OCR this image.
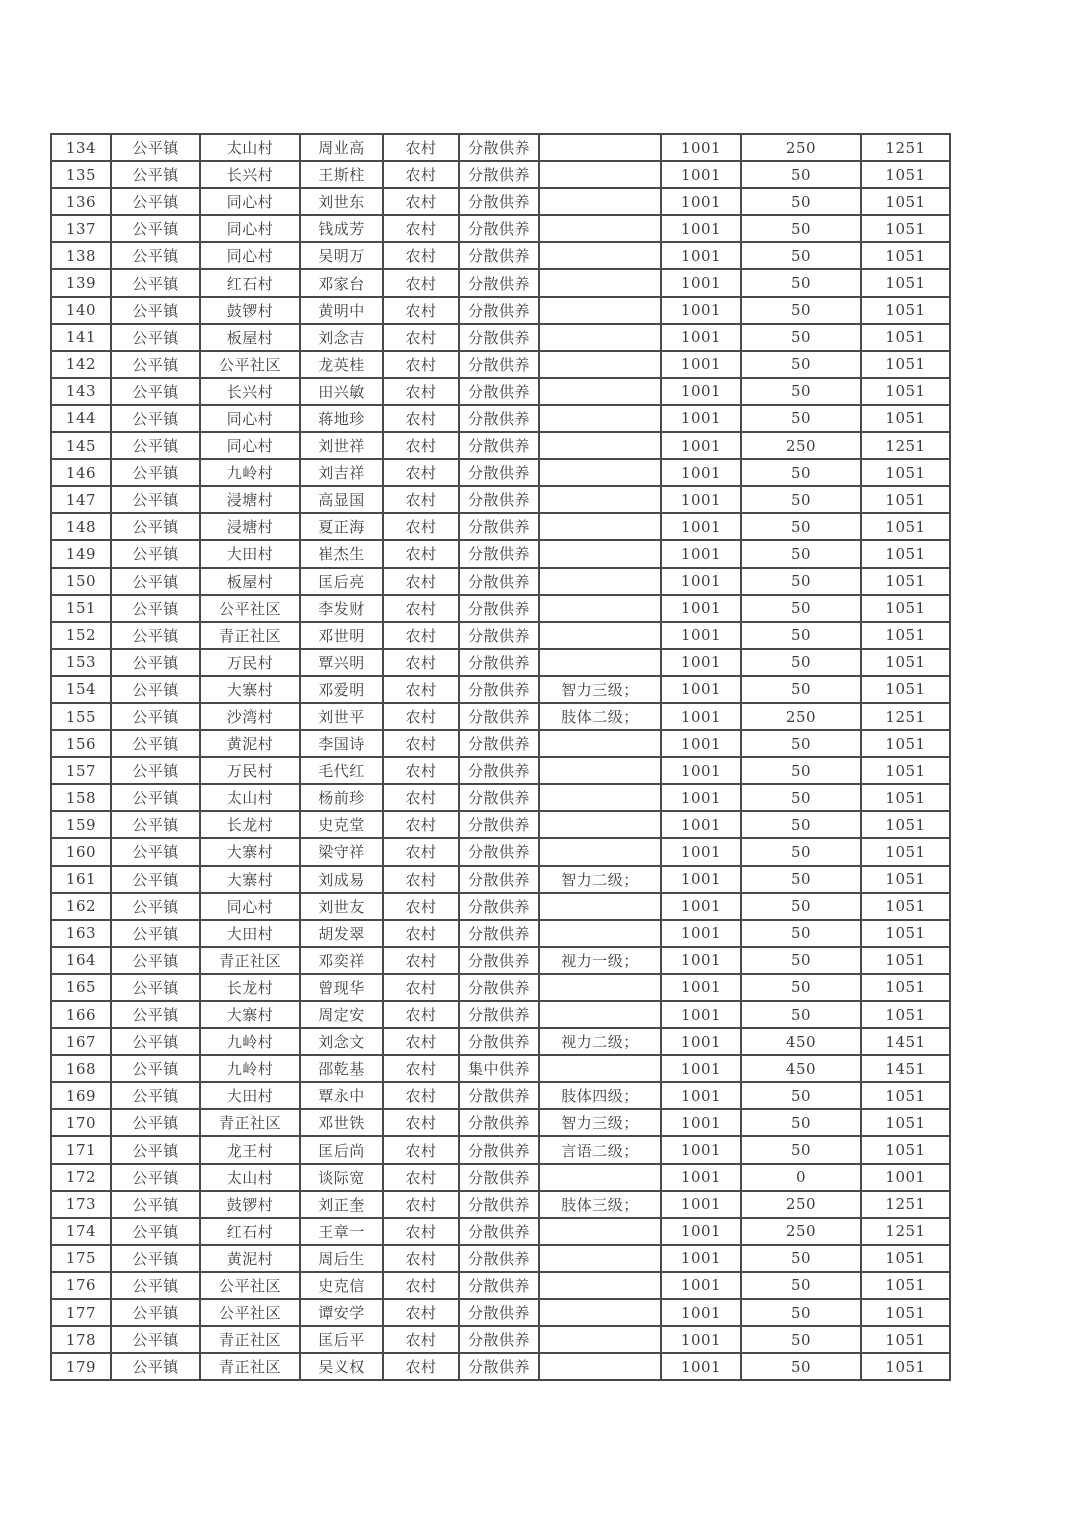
134	公平镇	太山村	周业高	农村	分散供养		1001	250	1251
135	公平镇	长兴村	王斯柱	农村	分散供养		1001	50	1051
136	公平镇	同心村	刘世东	农村	分散供养		1001	50	1051
137	公平镇	同心村	钱成芳	农村	分散供养		1001	50	1051
138	公平镇	同心村	吴明万	农村	分散供养		1001	50	1051
139	公平镇	红石村	邓家台	农村	分散供养		1001	50	1051
140	公平镇	鼓锣村	黄明中	农村	分散供养		1001	50	1051
141	公平镇	板屋村	刘念吉	农村	分散供养		1001	50	1051
142	公平镇	公平社区	龙英桂	农村	分散供养		1001	50	1051
143	公平镇	长兴村	田兴敏	农村	分散供养		1001	50	1051
144	公平镇	同心村	蒋地珍	农村	分散供养		1001	50	1051
145	公平镇	同心村	刘世祥	农村	分散供养		1001	250	1251
146	公平镇	九岭村	刘吉祥	农村	分散供养		1001	50	1051
147	公平镇	浸塘村	高显国	农村	分散供养		1001	50	1051
148	公平镇	浸塘村	夏正海	农村	分散供养		1001	50	1051
149	公平镇	大田村	崔杰生	农村	分散供养		1001	50	1051
150	公平镇	板屋村	匡后亮	农村	分散供养		1001	50	1051
151	公平镇	公平社区	李发财	农村	分散供养		1001	50	1051
152	公平镇	青正社区	邓世明	农村	分散供养		1001	50	1051
153	公平镇	万民村	覃兴明	农村	分散供养		1001	50	1051
154	公平镇	大寨村	邓爱明	农村	分散供养	智力三级；	1001	50	1051
155	公平镇	沙湾村	刘世平	农村	分散供养	肢体二级；	1001	250	1251
156	公平镇	黄泥村	李国诗	农村	分散供养		1001	50	1051
157	公平镇	万民村	毛代红	农村	分散供养		1001	50	1051
158	公平镇	太山村	杨前珍	农村	分散供养		1001	50	1051
159	公平镇	长龙村	史克堂	农村	分散供养		1001	50	1051
160	公平镇	大寨村	梁守祥	农村	分散供养		1001	50	1051
161	公平镇	大寨村	刘成易	农村	分散供养	智力二级；	1001	50	1051
162	公平镇	同心村	刘世友	农村	分散供养		1001	50	1051
163	公平镇	大田村	胡发翠	农村	分散供养		1001	50	1051
164	公平镇	青正社区	邓奕祥	农村	分散供养	视力一级；	1001	50	1051
165	公平镇	长龙村	曾现华	农村	分散供养		1001	50	1051
166	公平镇	大寨村	周定安	农村	分散供养		1001	50	1051
167	公平镇	九岭村	刘念文	农村	分散供养	视力二级；	1001	450	1451
168	公平镇	九岭村	邵乾基	农村	集中供养		1001	450	1451
169	公平镇	大田村	覃永中	农村	分散供养	肢体四级；	1001	50	1051
170	公平镇	青正社区	邓世铁	农村	分散供养	智力三级；	1001	50	1051
171	公平镇	龙王村	匡后尚	农村	分散供养	言语二级；	1001	50	1051
172	公平镇	太山村	谈际宽	农村	分散供养		1001	0	1001
173	公平镇	鼓锣村	刘正奎	农村	分散供养	肢体三级；	1001	250	1251
174	公平镇	红石村	王章一	农村	分散供养		1001	250	1251
175	公平镇	黄泥村	周后生	农村	分散供养		1001	50	1051
176	公平镇	公平社区	史克信	农村	分散供养		1001	50	1051
177	公平镇	公平社区	谭安学	农村	分散供养		1001	50	1051
178	公平镇	青正社区	匡后平	农村	分散供养		1001	50	1051
179	公平镇	青正社区	吴义权	农村	分散供养		1001	50	1051
